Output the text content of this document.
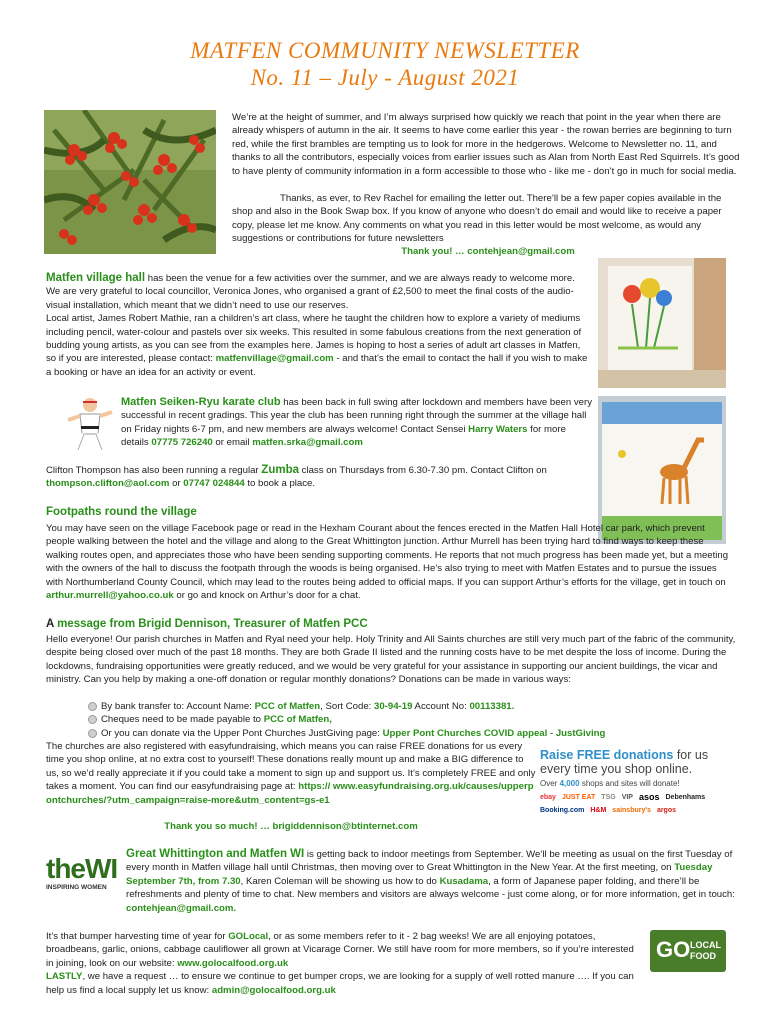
MATFEN COMMUNITY NEWSLETTER
No. 11 – July - August 2021
We’re at the height of summer, and I’m always surprised how quickly we reach that point in the year when there are already whispers of autumn in the air. It seems to have come earlier this year - the rowan berries are beginning to turn red, while the first brambles are tempting us to look for more in the hedgerows. Welcome to Newsletter no. 11, and thanks to all the contributors, especially voices from earlier issues such as Alan from North East Red Squirrels. It’s good to have plenty of community information in a form accessible to those who - like me - don’t go in much for social media.
Thanks, as ever, to Rev Rachel for emailing the letter out. There’ll be a few paper copies available in the shop and also in the Book Swap box. If you know of anyone who doesn’t do email and would like to receive a paper copy, please let me know. Any comments on what you read in this letter would be most welcome, as would any suggestions or contributions for future newsletters
Thank you! … contehjean@gmail.com
Matfen village hall has been the venue for a few activities over the summer, and we are always ready to welcome more. We are very grateful to local councillor, Veronica Jones, who organised a grant of £2,500 to meet the final costs of the audio-visual installation, which meant that we didn’t need to use our reserves.
Local artist, James Robert Mathie, ran a children’s art class, where he taught the children how to explore a variety of mediums including pencil, water-colour and pastels over six weeks. This resulted in some fabulous creations from the next generation of budding young artists, as you can see from the examples here. James is hoping to host a series of adult art classes in Matfen, so if you are interested, please contact: matfenvillage@gmail.com - and that’s the email to contact the hall if you wish to make a booking or have an idea for an activity or event.
Matfen Seiken-Ryu karate club has been back in full swing after lockdown and members have been very successful in recent gradings. This year the club has been running right through the summer at the village hall on Friday nights 6-7 pm, and new members are always welcome! Contact Sensei Harry Waters for more details 07775 726240 or email matfen.srka@gmail.com
Clifton Thompson has also been running a regular Zumba class on Thursdays from 6.30-7.30 pm. Contact Clifton on thompson.clifton@aol.com or 07747 024844 to book a place.
Footpaths round the village
You may have seen on the village Facebook page or read in the Hexham Courant about the fences erected in the Matfen Hall Hotel car park, which prevent people walking between the hotel and the village and along to the Great Whittington junction. Arthur Murrell has been trying hard to find ways to keep these walking routes open, and appreciates those who have been sending supporting comments. He reports that not much progress has been made yet, but a meeting with the owners of the hall to discuss the footpath through the woods is being organised. He’s also trying to meet with Matfen Estates and to pursue the issues with Northumberland County Council, which may lead to the routes being added to official maps. If you can support Arthur’s efforts for the village, get in touch on arthur.murrell@yahoo.co.uk or go and knock on Arthur’s door for a chat.
A message from Brigid Dennison, Treasurer of Matfen PCC
Hello everyone! Our parish churches in Matfen and Ryal need your help. Holy Trinity and All Saints churches are still very much part of the fabric of the community, despite being closed over much of the past 18 months. They are both Grade II listed and the running costs have to be met despite the loss of income. During the lockdowns, fundraising opportunities were greatly reduced, and we would be very grateful for your assistance in supporting our ancient buildings, the vicar and ministry. Can you help by making a one-off donation or regular monthly donations? Donations can be made in various ways:
By bank transfer to: Account Name: PCC of Matfen, Sort Code: 30-94-19 Account No: 00113381.
Cheques need to be made payable to PCC of Matfen,
Or you can donate via the Upper Pont Churches JustGiving page: Upper Pont Churches COVID appeal - JustGiving
The churches are also registered with easyfundraising, which means you can raise FREE donations for us every time you shop online, at no extra cost to yourself! These donations really mount up and make a BIG difference to us, so we’d really appreciate it if you could take a moment to sign up and support us. It’s completely FREE and only takes a moment. You can find our easyfundraising page at: https:// www.easyfundraising.org.uk/causes/upperpontchurches/?utm_campaign=raise-more&utm_content=gs-e1
Thank you so much! … brigiddennison@btinternet.com
Raise FREE donations for us
every time you shop online.
Over 4,000 shops and sites will donate!
ebay JUST EAT TSG VIP asos Debenhams
Booking.com H&M sainsbury's argos
theWI
INSPIRING WOMEN
Great Whittington and Matfen WI is getting back to indoor meetings from September. We’ll be meeting as usual on the first Tuesday of every month in Matfen village hall until Christmas, then moving over to Great Whittington in the New Year. At the first meeting, on Tuesday September 7th, from 7.30, Karen Coleman will be showing us how to do Kusadama, a form of Japanese paper folding, and there’ll be refreshments and plenty of time to chat. New members and visitors are always welcome - just come along, or for more information, get in touch: contehjean@gmail.com.
It’s that bumper harvesting time of year for GOLocal, or as some members refer to it - 2 bag weeks! We are all enjoying potatoes, broadbeans, garlic, onions, cabbage cauliflower all grown at Vicarage Corner. We still have room for more members, so if you’re interested in joining, look on our website: www.golocalfood.org.uk
LASTLY, we have a request … to ensure we continue to get bumper crops, we are looking for a supply of well rotted manure …. If you can help us find a local supply let us know: admin@golocalfood.org.uk
GO LOCAL
FOOD
